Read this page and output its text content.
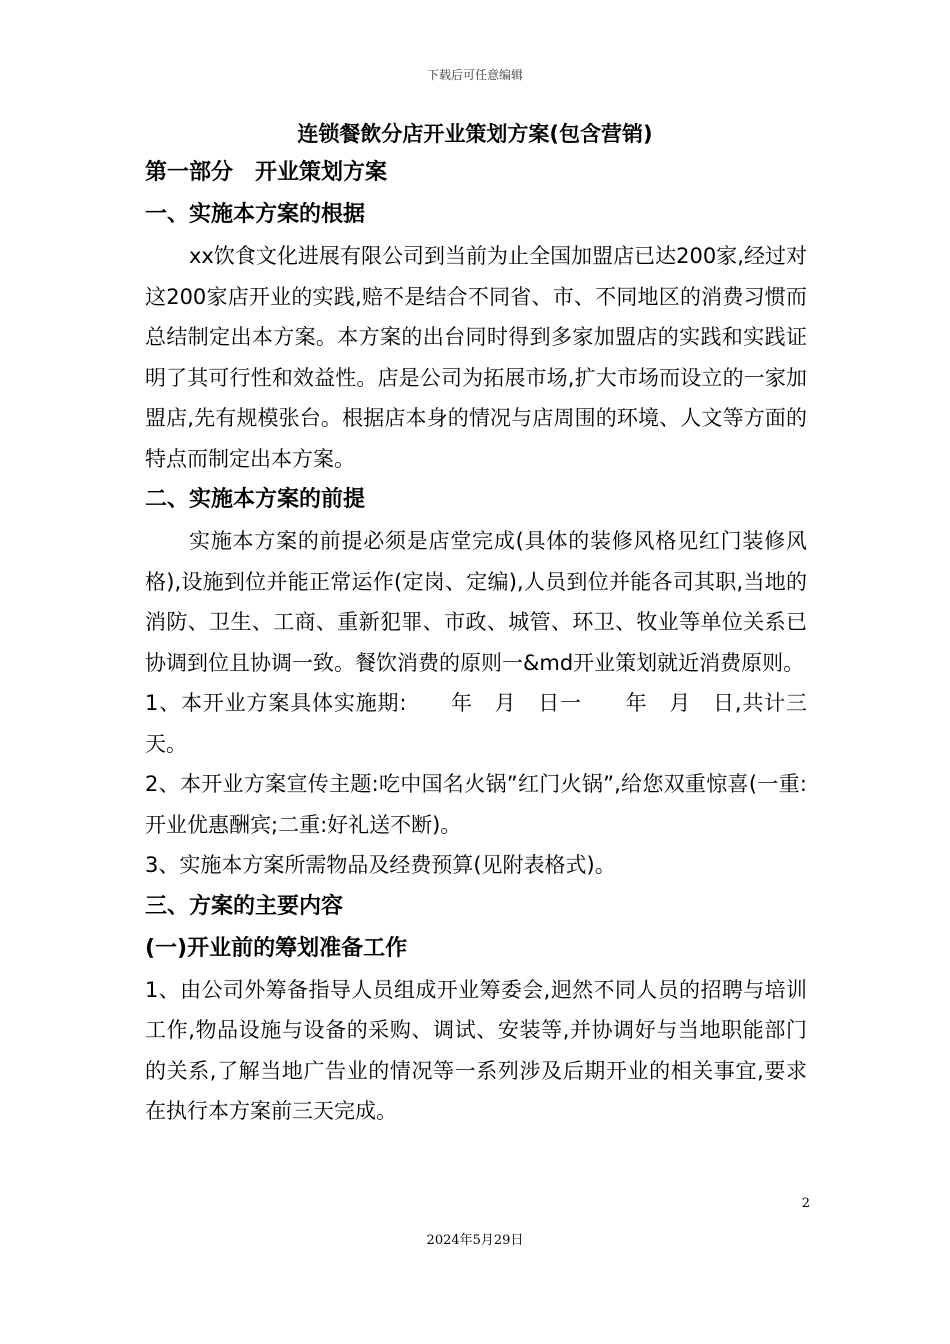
下载后可任意编辑
连锁餐飲分店开业策划方案(包含营销)
第一部分　开业策划方案
一、实施本方案的根据
xx饮食文化进展有限公司到当前为止全国加盟店已达200家,经过对这200家店开业的实践,赔不是结合不同省、市、不同地区的消费习惯而总结制定出本方案。本方案的出台同时得到多家加盟店的实践和实践证明了其可行性和效益性。店是公司为拓展市场,扩大市场而设立的一家加盟店,先有规模张台。根据店本身的情况与店周围的环境、人文等方面的特点而制定出本方案。
二、实施本方案的前提
实施本方案的前提必须是店堂完成(具体的装修风格见红门装修风格),设施到位并能正常运作(定岗、定编),人员到位并能各司其职,当地的消防、卫生、工商、重新犯罪、市政、城管、环卫、牧业等单位关系已协调到位且协调一致。餐饮消费的原则一&md开业策划就近消费原则。
1、本开业方案具体实施期:　　年　月　日一　　年　月　日,共计三天。
2、本开业方案宣传主题:吃中国名火锅”红门火锅”,给您双重惊喜(一重:开业优惠酬宾;二重:好礼送不断)。
3、实施本方案所需物品及经费预算(见附表格式)。
三、方案的主要内容
(一)开业前的筹划准备工作
1、由公司外筹备指导人员组成开业筹委会,迥然不同人员的招聘与培训工作,物品设施与设备的采购、调试、安装等,并协调好与当地职能部门的关系,了解当地广告业的情况等一系列涉及后期开业的相关事宜,要求在执行本方案前三天完成。
2
2024年5月29日
